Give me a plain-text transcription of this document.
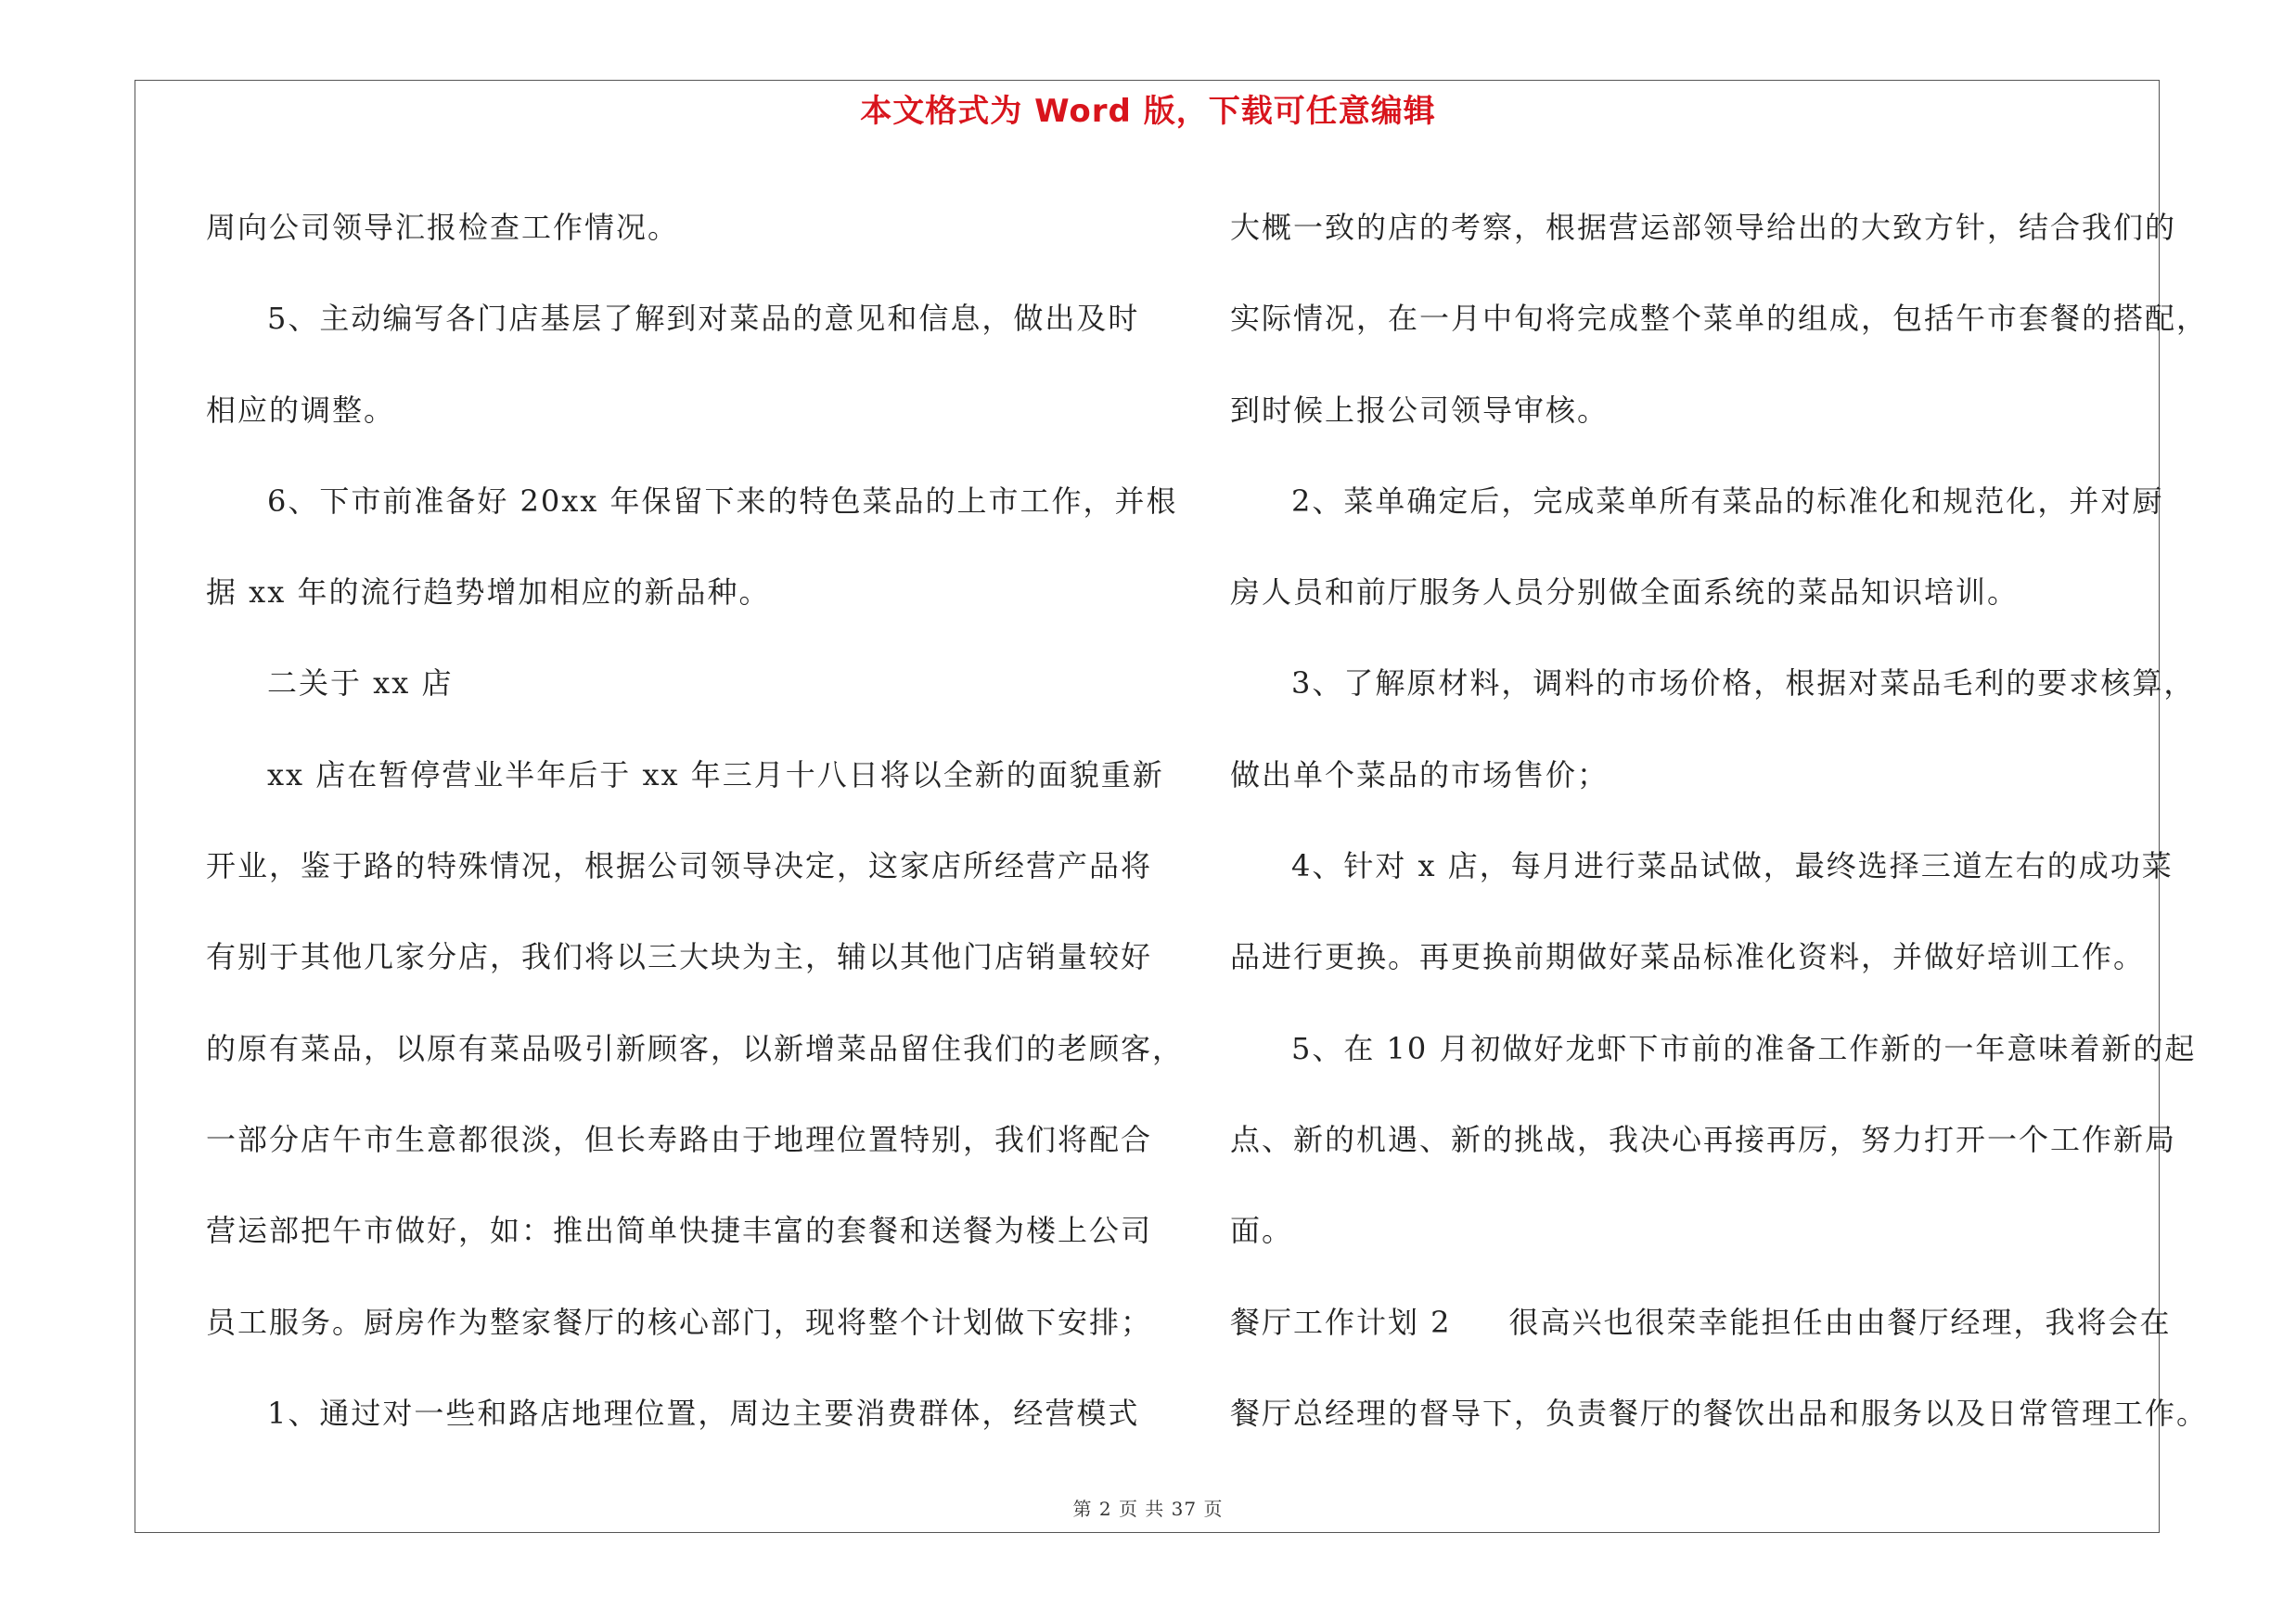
本文格式为 Word 版，下载可任意编辑
周向公司领导汇报检查工作情况。
5、主动编写各门店基层了解到对菜品的意见和信息，做出及时
相应的调整。
6、下市前准备好 20xx 年保留下来的特色菜品的上市工作，并根
据 xx 年的流行趋势增加相应的新品种。
二关于 xx 店
xx 店在暂停营业半年后于 xx 年三月十八日将以全新的面貌重新
开业，鉴于路的特殊情况，根据公司领导决定，这家店所经营产品将
有别于其他几家分店，我们将以三大块为主，辅以其他门店销量较好
的原有菜品，以原有菜品吸引新顾客，以新增菜品留住我们的老顾客，
一部分店午市生意都很淡，但长寿路由于地理位置特别，我们将配合
营运部把午市做好，如：推出简单快捷丰富的套餐和送餐为楼上公司
员工服务。厨房作为整家餐厅的核心部门，现将整个计划做下安排；
1、通过对一些和路店地理位置，周边主要消费群体，经营模式
大概一致的店的考察，根据营运部领导给出的大致方针，结合我们的
实际情况，在一月中旬将完成整个菜单的组成，包括午市套餐的搭配，
到时候上报公司领导审核。
2、菜单确定后，完成菜单所有菜品的标准化和规范化，并对厨
房人员和前厅服务人员分别做全面系统的菜品知识培训。
3、了解原材料，调料的市场价格，根据对菜品毛利的要求核算，
做出单个菜品的市场售价；
4、针对 x 店，每月进行菜品试做，最终选择三道左右的成功菜
品进行更换。再更换前期做好菜品标准化资料，并做好培训工作。
5、在 10 月初做好龙虾下市前的准备工作新的一年意味着新的起
点、新的机遇、新的挑战，我决心再接再厉，努力打开一个工作新局
面。
餐厅工作计划 2 很高兴也很荣幸能担任由由餐厅经理，我将会在
餐厅总经理的督导下，负责餐厅的餐饮出品和服务以及日常管理工作。
第 2 页 共 37 页
